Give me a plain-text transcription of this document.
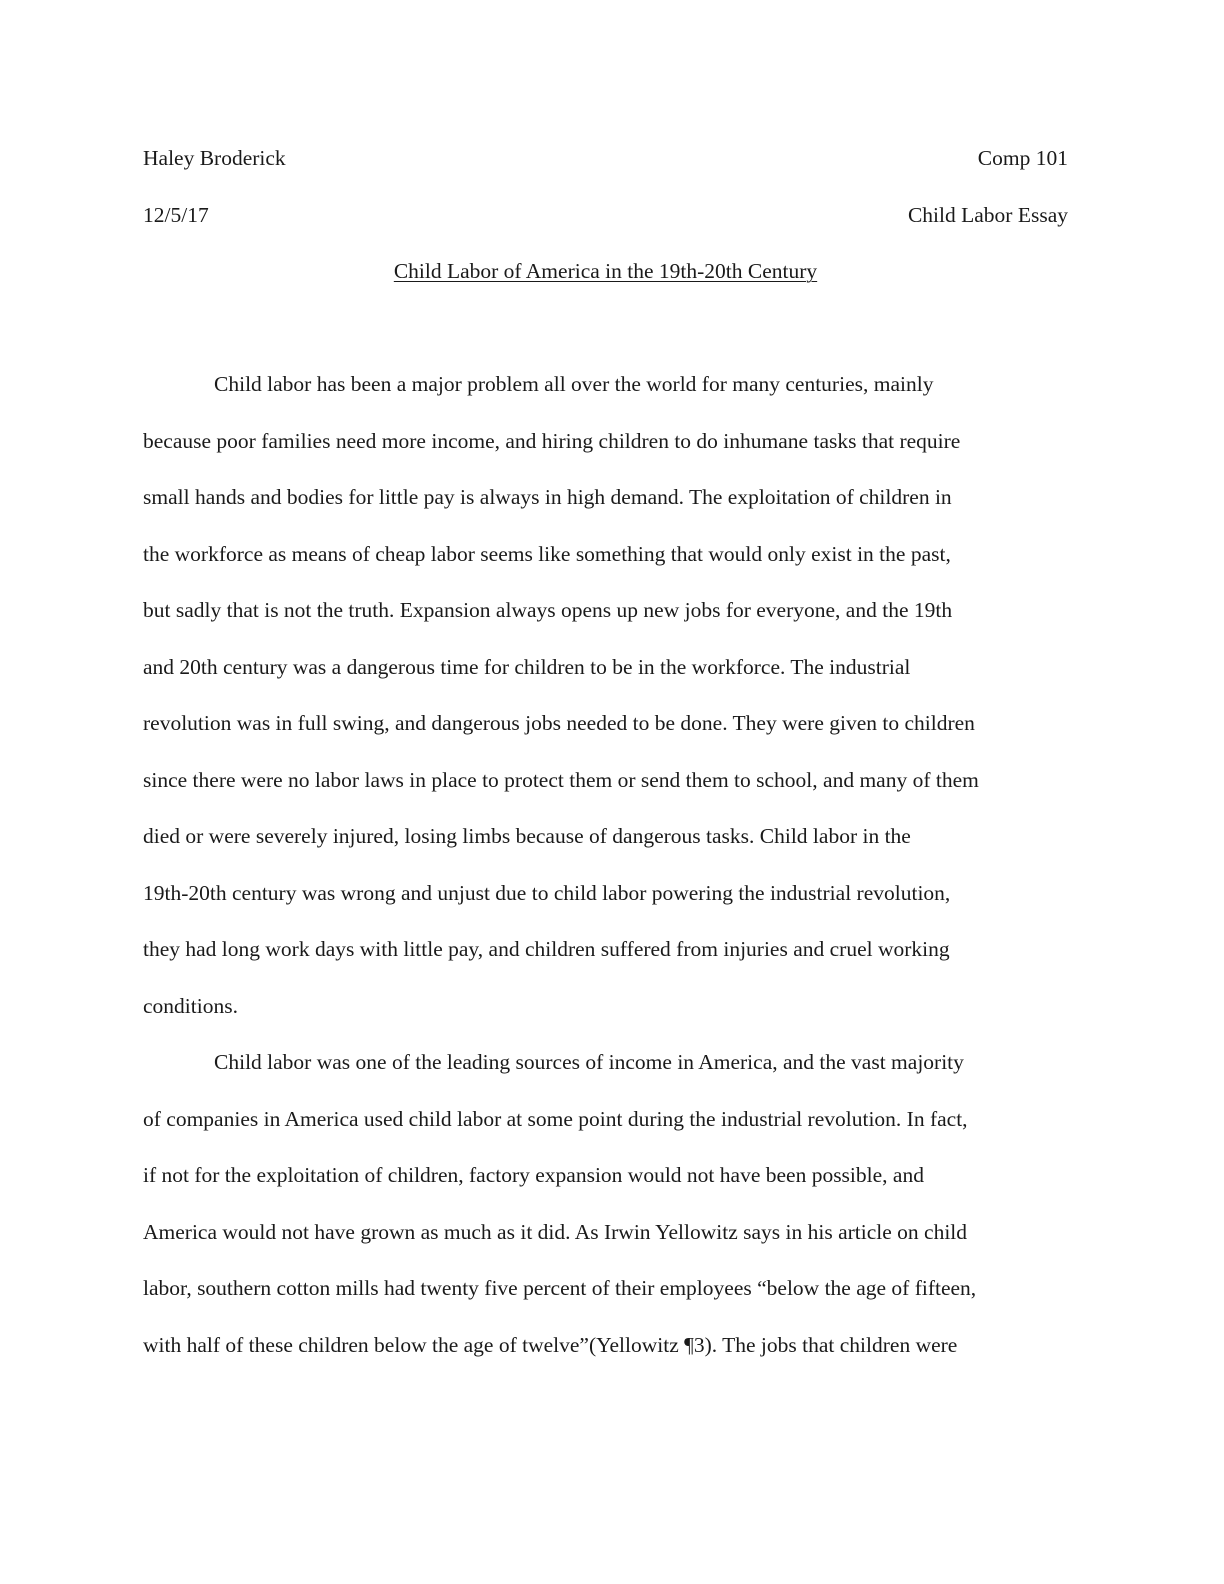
Haley Broderick	Comp 101
12/5/17	Child Labor Essay
Child Labor of America in the 19th-20th Century
Child labor has been a major problem all over the world for many centuries, mainly
because poor families need more income, and hiring children to do inhumane tasks that require
small hands and bodies for little pay is always in high demand. The exploitation of children in
the workforce as means of cheap labor seems like something that would only exist in the past,
but sadly that is not the truth. Expansion always opens up new jobs for everyone, and the 19th
and 20th century was a dangerous time for children to be in the workforce. The industrial
revolution was in full swing, and dangerous jobs needed to be done. They were given to children
since there were no labor laws in place to protect them or send them to school, and many of them
died or were severely injured, losing limbs because of dangerous tasks. Child labor in the
19th-20th century was wrong and unjust due to child labor powering the industrial revolution,
they had long work days with little pay, and children suffered from injuries and cruel working
conditions.
Child labor was one of the leading sources of income in America, and the vast majority
of companies in America used child labor at some point during the industrial revolution. In fact,
if not for the exploitation of children, factory expansion would not have been possible, and
America would not have grown as much as it did. As Irwin Yellowitz says in his article on child
labor, southern cotton mills had twenty five percent of their employees “below the age of fifteen,
with half of these children below the age of twelve”(Yellowitz ¶3). The jobs that children were
